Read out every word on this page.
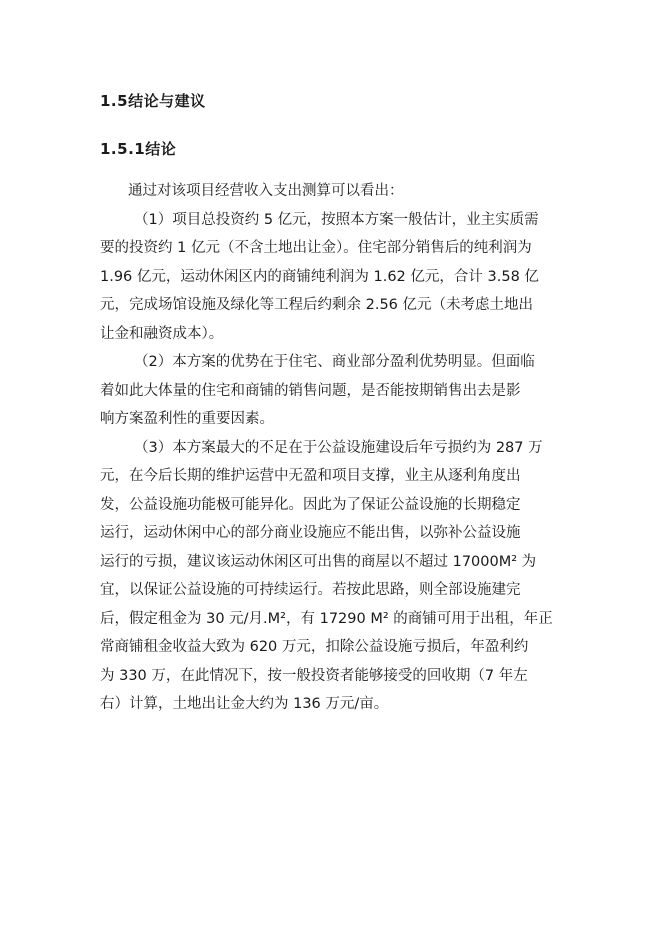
1.5结论与建议
1.5.1结论
通过对该项目经营收入支出测算可以看出：
（1）项目总投资约 5 亿元，按照本方案一般估计，业主实质需
要的投资约 1 亿元（不含土地出让金）。住宅部分销售后的纯利润为
1.96 亿元，运动休闲区内的商铺纯利润为 1.62 亿元，合计 3.58 亿
元，完成场馆设施及绿化等工程后约剩余 2.56 亿元（未考虑土地出
让金和融资成本）。
（2）本方案的优势在于住宅、商业部分盈利优势明显。但面临
着如此大体量的住宅和商铺的销售问题，是否能按期销售出去是影
响方案盈利性的重要因素。
（3）本方案最大的不足在于公益设施建设后年亏损约为 287 万
元，在今后长期的维护运营中无盈和项目支撑，业主从逐利角度出
发，公益设施功能极可能异化。因此为了保证公益设施的长期稳定
运行，运动休闲中心的部分商业设施应不能出售，以弥补公益设施
运行的亏损，建议该运动休闲区可出售的商屋以不超过 17000M² 为
宜，以保证公益设施的可持续运行。若按此思路，则全部设施建完
后，假定租金为 30 元/月.M²，有 17290 M² 的商铺可用于出租，年正
常商铺租金收益大致为 620 万元，扣除公益设施亏损后，年盈利约
为 330 万，在此情况下，按一般投资者能够接受的回收期（7 年左
右）计算，土地出让金大约为 136 万元/亩。
